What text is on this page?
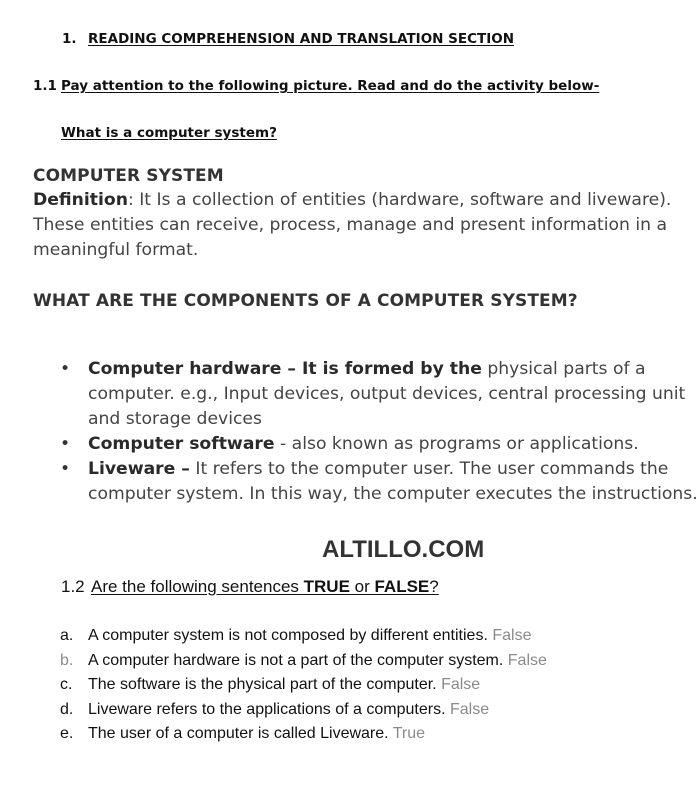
1. READING COMPREHENSION AND TRANSLATION SECTION
1.1 Pay attention to the following picture. Read and do the activity below-
What is a computer system?
COMPUTER SYSTEM
Definition: It Is a collection of entities (hardware, software and liveware). These entities can receive, process, manage and present information in a meaningful format.
WHAT ARE THE COMPONENTS OF A COMPUTER SYSTEM?
• Computer hardware – It is formed by the physical parts of a computer. e.g., Input devices, output devices, central processing unit and storage devices
• Computer software - also known as programs or applications.
• Liveware – It refers to the computer user. The user commands the computer system. In this way, the computer executes the instructions.
ALTILLO.COM
1.2 Are the following sentences TRUE or FALSE?
a. A computer system is not composed by different entities. False
b. A computer hardware is not a part of the computer system. False
c. The software is the physical part of the computer. False
d. Liveware refers to the applications of a computers. False
e. The user of a computer is called Liveware. True
